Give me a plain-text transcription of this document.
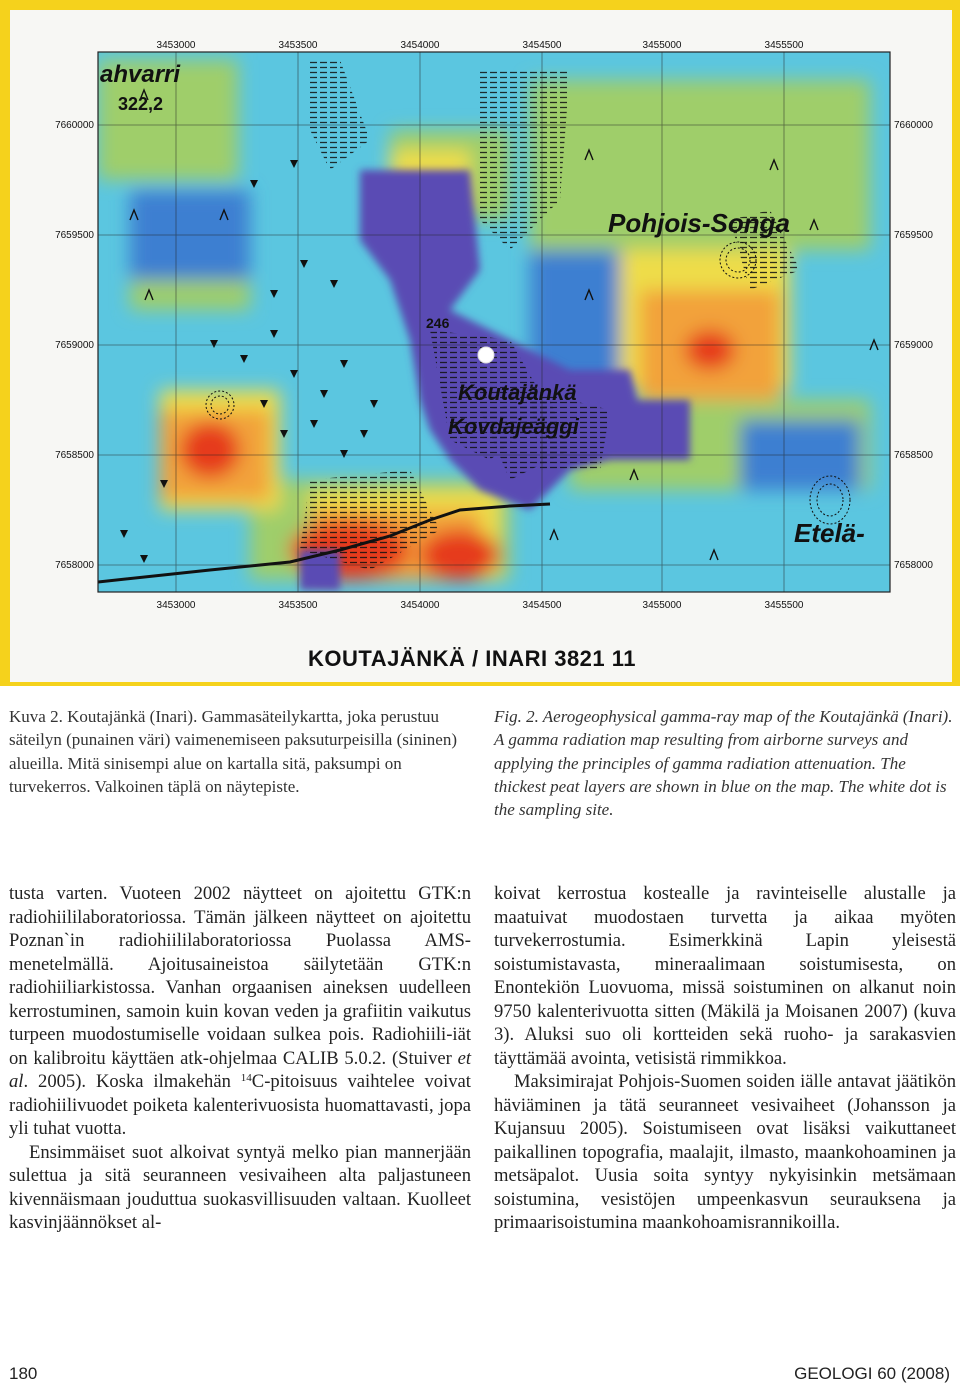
3453000	3453500	3454000	3454500	3455000	3455500
3453000	3453500	3454000	3454500	3455000	3455500
7660000
7659500
7659000
7658500
7658000
7660000
7659500
7659000
7658500
7658000
ahvarri
322,2
246
Koutajänkä
Kovdajeäggi
Pohjois-Songa
Etelä-
KOUTAJÄNKÄ / INARI 3821 11
Kuva 2. Koutajänkä (Inari). Gammasäteilykartta, joka perustuu säteilyn (punainen väri) vaimenemiseen paksuturpeisilla (sininen) alueilla. Mitä sinisempi alue on kartalla sitä, paksumpi on turvekerros. Valkoinen täplä on näytepiste.
Fig. 2. Aerogeophysical gamma-ray map of the Koutajänkä (Inari). A gamma radiation map resulting from airborne surveys and applying the principles of gamma radiation attenuation. The thickest peat layers are shown in blue on the map. The white dot is the sampling site.

tusta varten. Vuoteen 2002 näytteet on ajoitettu GTK:n radiohiililaboratoriossa. Tämän jälkeen näytteet on ajoitettu Poznan`in radiohiililaboratoriossa Puolassa AMS-menetelmällä. Ajoitusaineistoa säilytetään GTK:n radiohiiliarkistossa. Vanhan orgaanisen aineksen uudelleen kerrostuminen, samoin kuin kovan veden ja grafiitin vaikutus turpeen muodostumiselle voidaan sulkea pois. Radiohiili-iät on kalibroitu käyttäen atk-ohjelmaa CALIB 5.0.2. (Stuiver et al. 2005). Koska ilmakehän $^{14}$C-pitoisuus vaihtelee voivat radiohiilivuodet poiketa kalenterivuosista huomattavasti, jopa yli tuhat vuotta.

Ensimmäiset suot alkoivat syntyä melko pian mannerjään sulettua ja sitä seuranneen vesivaiheen alta paljastuneen kivennäismaan jouduttua suokasvillisuuden valtaan. Kuolleet kasvinjäännökset al-

koivat kerrostua kostealle ja ravinteiselle alustalle ja maatuivat muodostaen turvetta ja aikaa myöten turvekerrostumia. Esimerkkinä Lapin yleisestä soistumistavasta, mineraalimaan soistumisesta, on Enontekiön Luovuoma, missä soistuminen on alkanut noin 9750 kalenterivuotta sitten (Mäkilä ja Moisanen 2007) (kuva 3). Aluksi suo oli kortteiden sekä ruoho- ja sarakasvien täyttämää avointa, vetisistä rimmikkoa.

Maksimirajat Pohjois-Suomen soiden iälle antavat jäätikön häviäminen ja tätä seuranneet vesivaiheet (Johansson ja Kujansuu 2005). Soistumiseen ovat lisäksi vaikuttaneet paikallinen topografia, maalajit, ilmasto, maankohoaminen ja metsäpalot. Uusia soita syntyy nykyisinkin metsämaan soistumina, vesistöjen umpeenkasvun seurauksena ja primaarisoistumina maankohoamisrannikoilla.

180	GEOLOGI 60 (2008)
